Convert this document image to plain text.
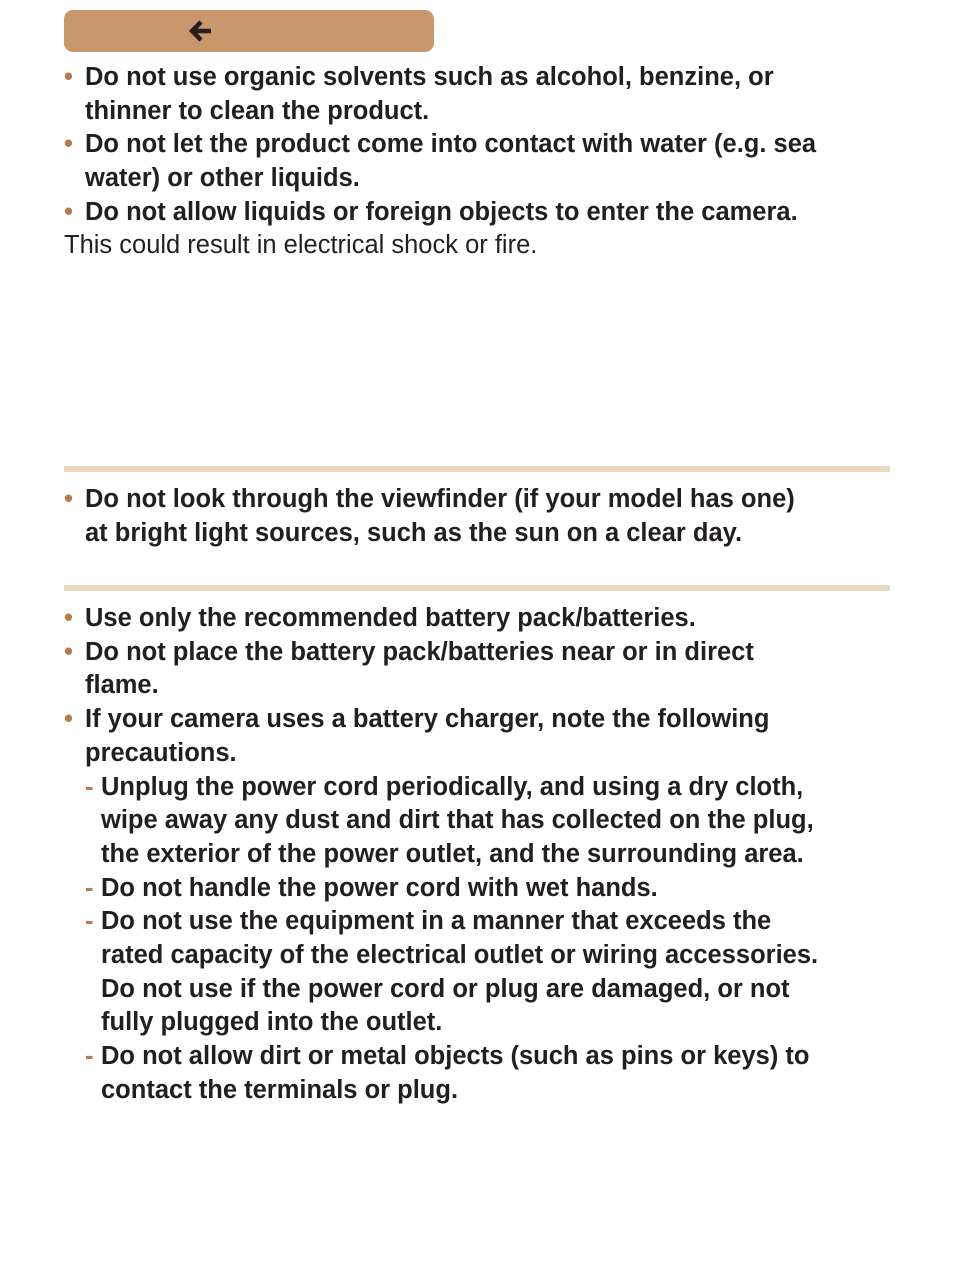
• Do not use organic solvents such as alcohol, benzine, or
thinner to clean the product.
• Do not let the product come into contact with water (e.g. sea
water) or other liquids.
• Do not allow liquids or foreign objects to enter the camera.
This could result in electrical shock or fire.
• Do not look through the viewfinder (if your model has one)
at bright light sources, such as the sun on a clear day.
• Use only the recommended battery pack/batteries.
• Do not place the battery pack/batteries near or in direct
flame.
• If your camera uses a battery charger, note the following
precautions.
- Unplug the power cord periodically, and using a dry cloth,
wipe away any dust and dirt that has collected on the plug,
the exterior of the power outlet, and the surrounding area.
- Do not handle the power cord with wet hands.
- Do not use the equipment in a manner that exceeds the
rated capacity of the electrical outlet or wiring accessories.
Do not use if the power cord or plug are damaged, or not
fully plugged into the outlet.
- Do not allow dirt or metal objects (such as pins or keys) to
contact the terminals or plug.
